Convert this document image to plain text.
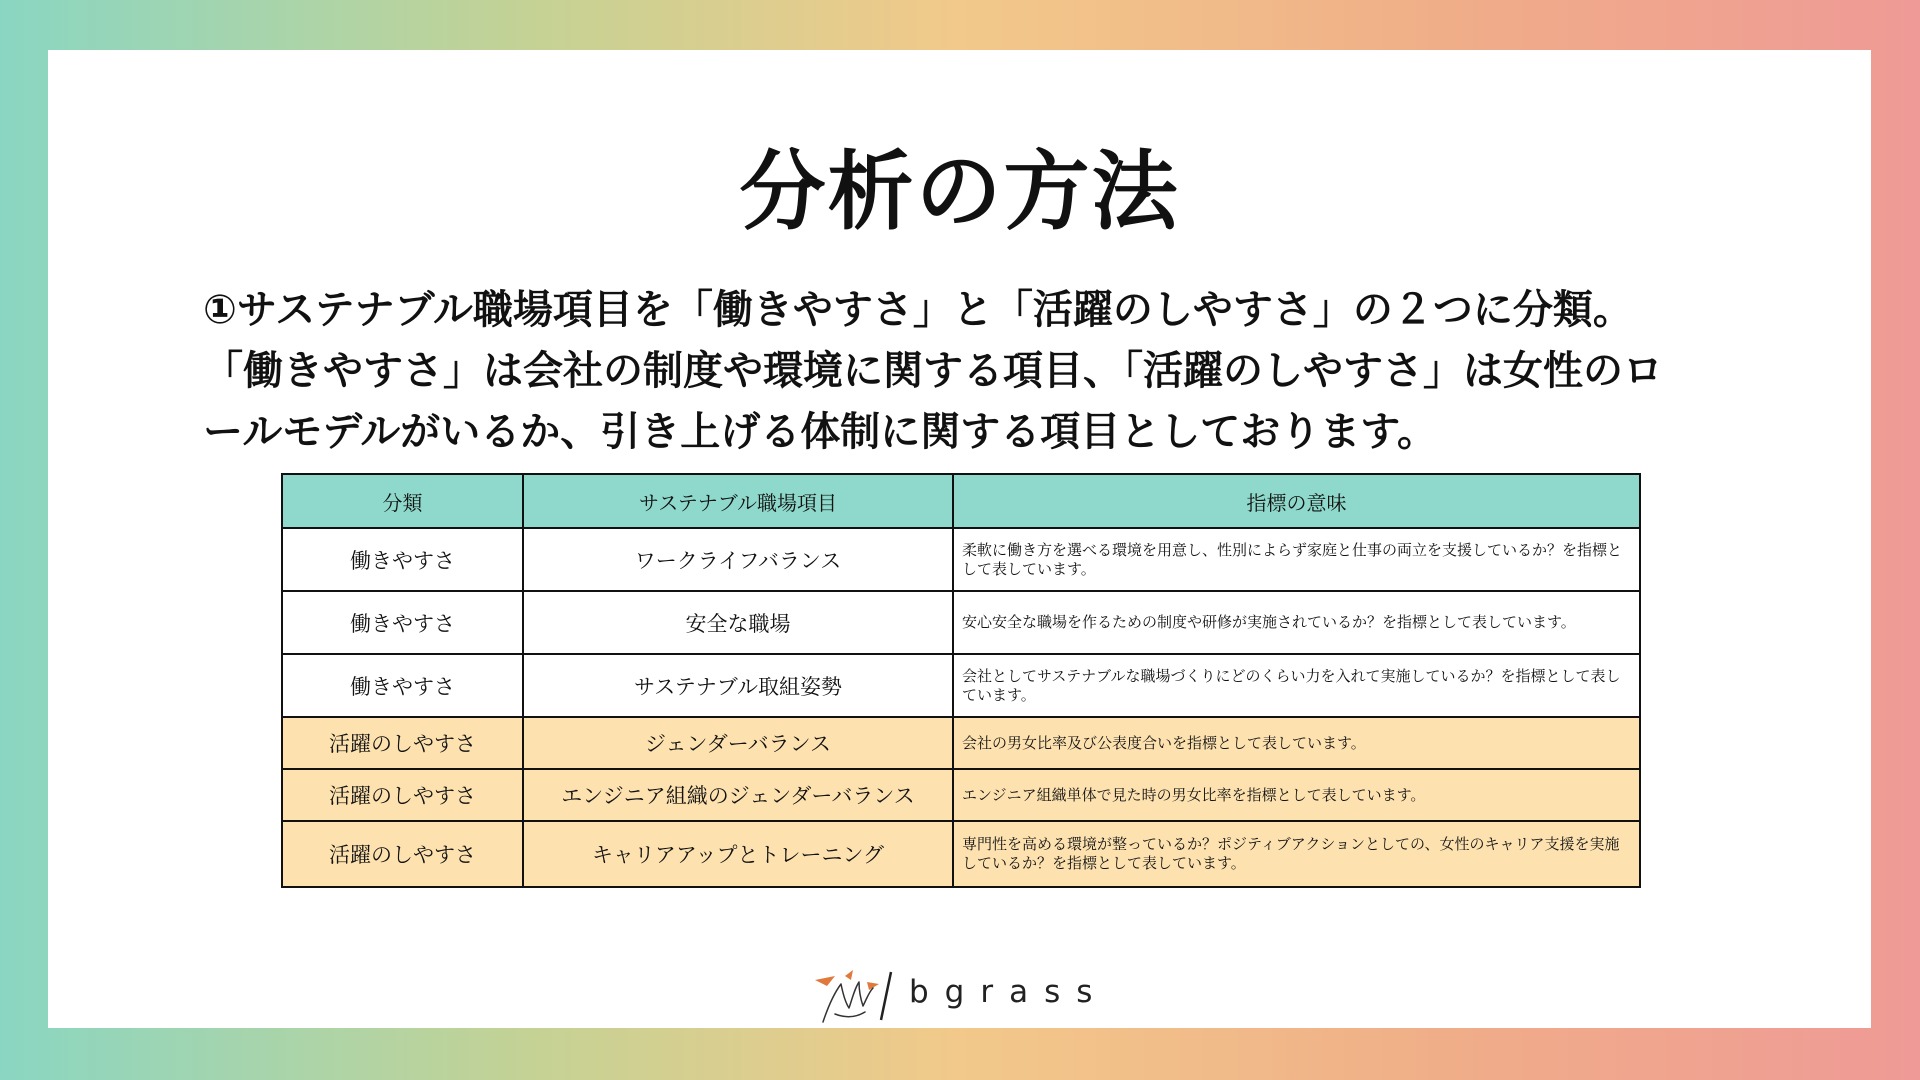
分析の方法

①サステナブル職場項目を「働きやすさ」と「活躍のしやすさ」の２つに分類。

「働きやすさ」は会社の制度や環境に関する項目、「活躍のしやすさ」は女性のロ

ールモデルがいるか、引き上げる体制に関する項目としております。

分類	サステナブル職場項目	指標の意味
働きやすさ	ワークライフバランス	柔軟に働き方を選べる環境を用意し、性別によらず家庭と仕事の両立を支援しているか？を指標として表しています。
働きやすさ	安全な職場	安心安全な職場を作るための制度や研修が実施されているか？を指標として表しています。
働きやすさ	サステナブル取組姿勢	会社としてサステナブルな職場づくりにどのくらい力を入れて実施しているか？を指標として表しています。
活躍のしやすさ	ジェンダーバランス	会社の男女比率及び公表度合いを指標として表しています。
活躍のしやすさ	エンジニア組織のジェンダーバランス	エンジニア組織単体で見た時の男女比率を指標として表しています。
活躍のしやすさ	キャリアアップとトレーニング	専門性を高める環境が整っているか？ポジティブアクションとしての、女性のキャリア支援を実施しているか？を指標として表しています。
bgrass
